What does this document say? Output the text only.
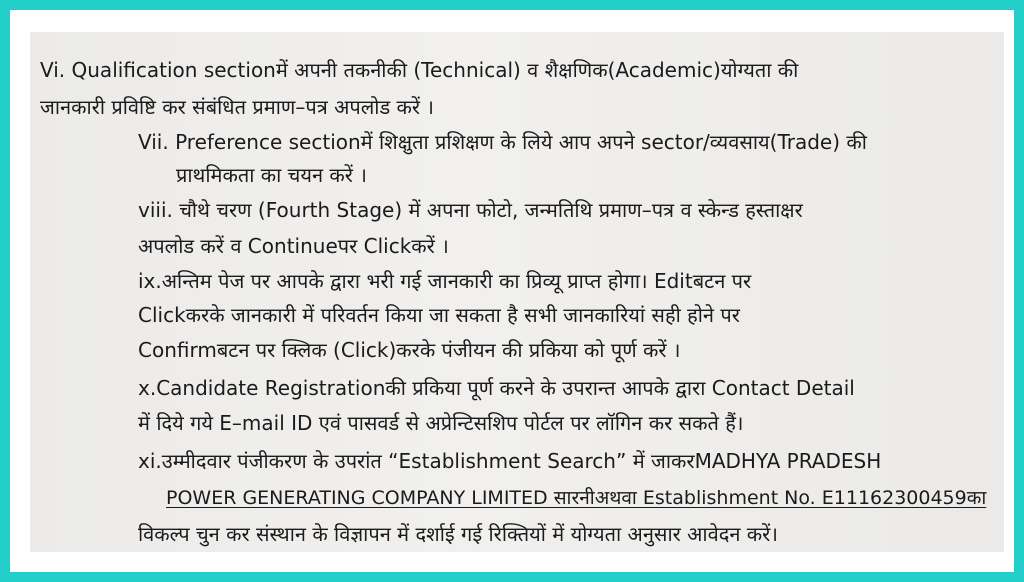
Vi. Qualification sectionमें अपनी तकनीकी (Technical) व शैक्षणिक(Academic)योग्यता की
जानकारी प्रविष्टि कर संबंधित प्रमाण–पत्र अपलोड करें ।
Vii. Preference sectionमें शिक्षुता प्रशिक्षण के लिये आप अपने sector/व्यवसाय(Trade) की
प्राथमिकता का चयन करें ।
viii. चौथे चरण (Fourth Stage) में अपना फोटो, जन्मतिथि प्रमाण–पत्र व स्केन्ड हस्ताक्षर
अपलोड करें व Continueपर Clickकरें ।
ix.अन्तिम पेज पर आपके द्वारा भरी गई जानकारी का प्रिव्यू प्राप्त होगा। Editबटन पर
Clickकरके जानकारी में परिवर्तन किया जा सकता है सभी जानकारियां सही होने पर
Confirmबटन पर क्लिक (Click)करके पंजीयन की प्रकिया को पूर्ण करें ।
x.Candidate Registrationकी प्रकिया पूर्ण करने के उपरान्त आपके द्वारा Contact Detail
में दिये गये E–mail ID एवं पासवर्ड से अप्रेन्टिसशिप पोर्टल पर लॉगिन कर सकते हैं।
xi.उम्मीदवार पंजीकरण के उपरांत “Establishment Search” में जाकरMADHYA PRADESH
POWER GENERATING COMPANY LIMITED सारनीअथवा Establishment No. E11162300459का
विकल्प चुन कर संस्थान के विज्ञापन में दर्शाई गई रिक्तियों में योग्यता अनुसार आवेदन करें।
